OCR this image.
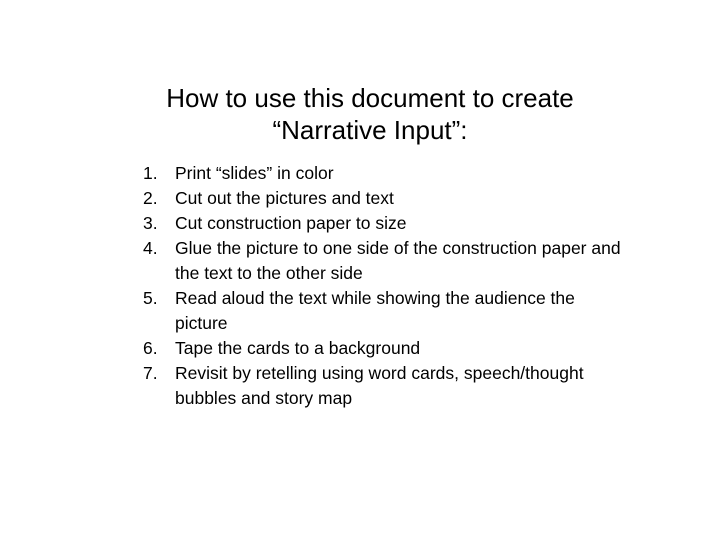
How to use this document to create
“Narrative Input”:
1. Print “slides” in color
2. Cut out the pictures and text
3. Cut construction paper to size
4. Glue the picture to one side of the construction paper and the text to the other side
5. Read aloud the text while showing the audience the picture
6. Tape the cards to a background
7. Revisit by retelling using word cards, speech/thought bubbles and story map
